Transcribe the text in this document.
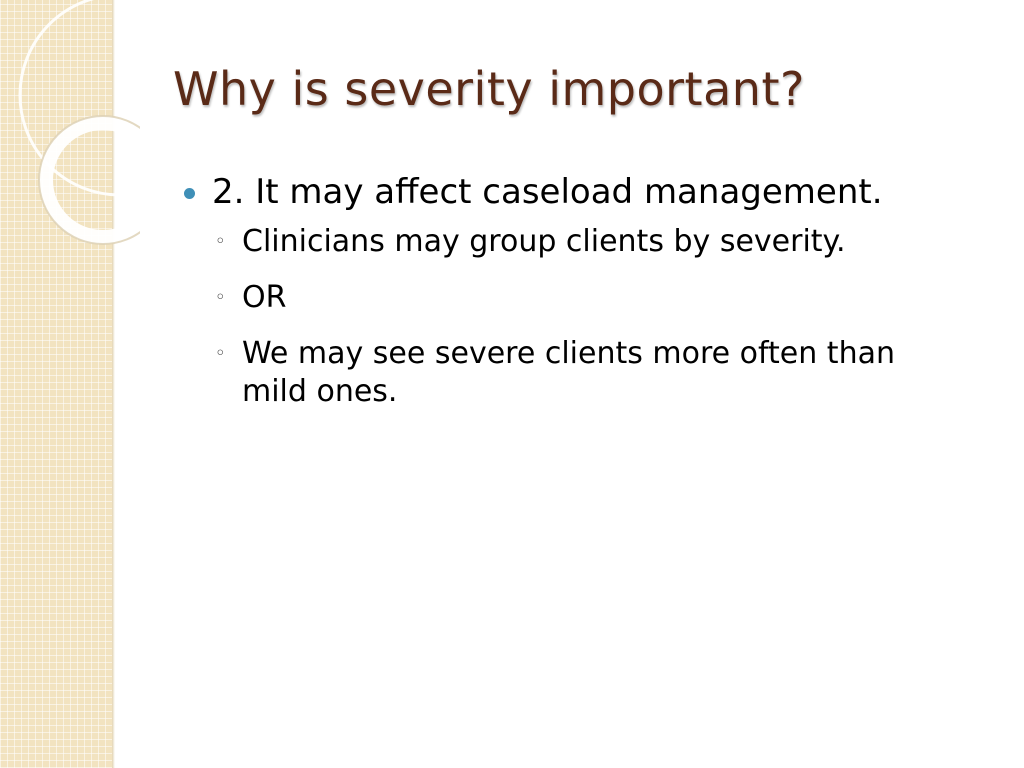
Why is severity important?
2. It may affect caseload management.
◦ Clinicians may group clients by severity.
◦ OR
◦ We may see severe clients more often than mild ones.
